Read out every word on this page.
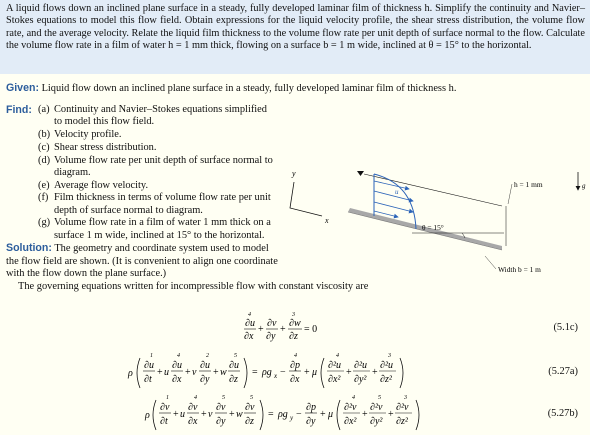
A liquid flows down an inclined plane surface in a steady, fully developed laminar film of thickness h. Simplify the continuity and Navier–Stokes equations to model this flow field. Obtain expressions for the liquid velocity profile, the shear stress distribution, the volume flow rate, and the average velocity. Relate the liquid film thickness to the volume flow rate per unit depth of surface normal to the flow. Calculate the volume flow rate in a film of water h = 1 mm thick, flowing on a surface b = 1 m wide, inclined at θ = 15° to the horizontal.
Given: Liquid flow down an inclined plane surface in a steady, fully developed laminar film of thickness h.
Find: (a) Continuity and Navier–Stokes equations simplified to model this flow field.
(b) Velocity profile.
(c) Shear stress distribution.
(d) Volume flow rate per unit depth of surface normal to diagram.
(e) Average flow velocity.
(f) Film thickness in terms of volume flow rate per unit depth of surface normal to diagram.
(g) Volume flow rate in a film of water 1 mm thick on a surface 1 m wide, inclined at 15° to the horizontal.
Solution: The geometry and coordinate system used to model the flow field are shown. (It is convenient to align one coordinate with the flow down the plane surface.)
The governing equations written for incompressible flow with constant viscosity are
y
x
u
g
h = 1 mm
θ = 15°
Width b = 1 m
4
∂u
∂x
+
∂v
∂y
+
3
∂w
∂z
= 0	(5.1c)
ρ
1
∂u
∂t
+ u
4
∂u
∂x
+ v
2
∂u
∂y
+ w
5
∂u
∂z
= ρg x −
4
∂p
∂x
+ μ
4
∂²u
∂x²
+
∂²u
∂y²
+
3
∂²u
∂z²
(5.27a)
ρ
1
∂v
∂t
+ u
4
∂v
∂x
+ v
5
∂v
∂y
+ w
5
∂v
∂z
= ρg y −
∂p
∂y
+ μ
4
∂²v
∂x²
+
5
∂²v
∂y²
+
3
∂²v
∂z²
(5.27b)
